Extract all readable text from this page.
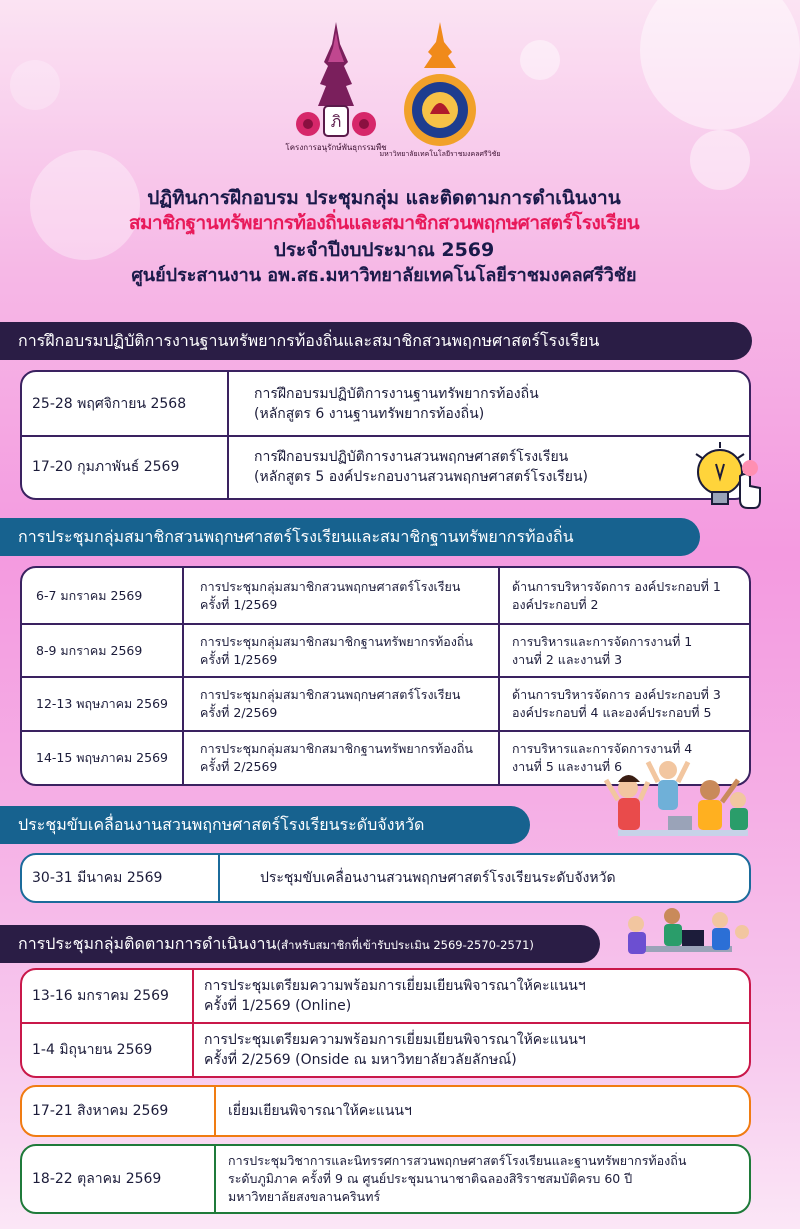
ภิ
โครงการอนุรักษ์พันธุกรรมพืช
มหาวิทยาลัยเทคโนโลยีราชมงคลศรีวิชัย
ปฏิทินการฝึกอบรม ประชุมกลุ่ม และติดตามการดำเนินงาน
สมาชิกฐานทรัพยากรท้องถิ่นและสมาชิกสวนพฤกษศาสตร์โรงเรียน
ประจำปีงบประมาณ 2569
ศูนย์ประสานงาน อพ.สธ.มหาวิทยาลัยเทคโนโลยีราชมงคลศรีวิชัย
การฝึกอบรมปฏิบัติการงานฐานทรัพยากรท้องถิ่นและสมาชิกสวนพฤกษศาสตร์โรงเรียน
25-28 พฤศจิกายน 2568
การฝึกอบรมปฏิบัติการงานฐานทรัพยากรท้องถิ่น
(หลักสูตร 6 งานฐานทรัพยากรท้องถิ่น)
17-20 กุมภาพันธ์ 2569
การฝึกอบรมปฏิบัติการงานสวนพฤกษศาสตร์โรงเรียน
(หลักสูตร 5 องค์ประกอบงานสวนพฤกษศาสตร์โรงเรียน)
การประชุมกลุ่มสมาชิกสวนพฤกษศาสตร์โรงเรียนและสมาชิกฐานทรัพยากรท้องถิ่น
6-7 มกราคม 2569
การประชุมกลุ่มสมาชิกสวนพฤกษศาสตร์โรงเรียน
ครั้งที่ 1/2569
ด้านการบริหารจัดการ องค์ประกอบที่ 1
องค์ประกอบที่ 2
8-9 มกราคม 2569
การประชุมกลุ่มสมาชิกสมาชิกฐานทรัพยากรท้องถิ่น
ครั้งที่ 1/2569
การบริหารและการจัดการงานที่ 1
งานที่ 2 และงานที่ 3
12-13 พฤษภาคม 2569
การประชุมกลุ่มสมาชิกสวนพฤกษศาสตร์โรงเรียน
ครั้งที่ 2/2569
ด้านการบริหารจัดการ องค์ประกอบที่ 3
องค์ประกอบที่ 4 และองค์ประกอบที่ 5
14-15 พฤษภาคม 2569
การประชุมกลุ่มสมาชิกสมาชิกฐานทรัพยากรท้องถิ่น
ครั้งที่ 2/2569
การบริหารและการจัดการงานที่ 4
งานที่ 5 และงานที่ 6
ประชุมขับเคลื่อนงานสวนพฤกษศาสตร์โรงเรียนระดับจังหวัด
30-31 มีนาคม 2569	ประชุมขับเคลื่อนงานสวนพฤกษศาสตร์โรงเรียนระดับจังหวัด
การประชุมกลุ่มติดตามการดำเนินงาน(สำหรับสมาชิกที่เข้ารับประเมิน 2569-2570-2571)
13-16 มกราคม 2569
การประชุมเตรียมความพร้อมการเยี่ยมเยียนพิจารณาให้คะแนนฯ
ครั้งที่ 1/2569 (Online)
1-4 มิถุนายน 2569
การประชุมเตรียมความพร้อมการเยี่ยมเยียนพิจารณาให้คะแนนฯ
ครั้งที่ 2/2569 (Onside ณ มหาวิทยาลัยวลัยลักษณ์)
17-21 สิงหาคม 2569	เยี่ยมเยียนพิจารณาให้คะแนนฯ
18-22 ตุลาคม 2569
การประชุมวิชาการและนิทรรศการสวนพฤกษศาสตร์โรงเรียนและฐานทรัพยากรท้องถิ่น
ระดับภูมิภาค ครั้งที่ 9 ณ ศูนย์ประชุมนานาชาติฉลองสิริราชสมบัติครบ 60 ปี
มหาวิทยาลัยสงขลานครินทร์
